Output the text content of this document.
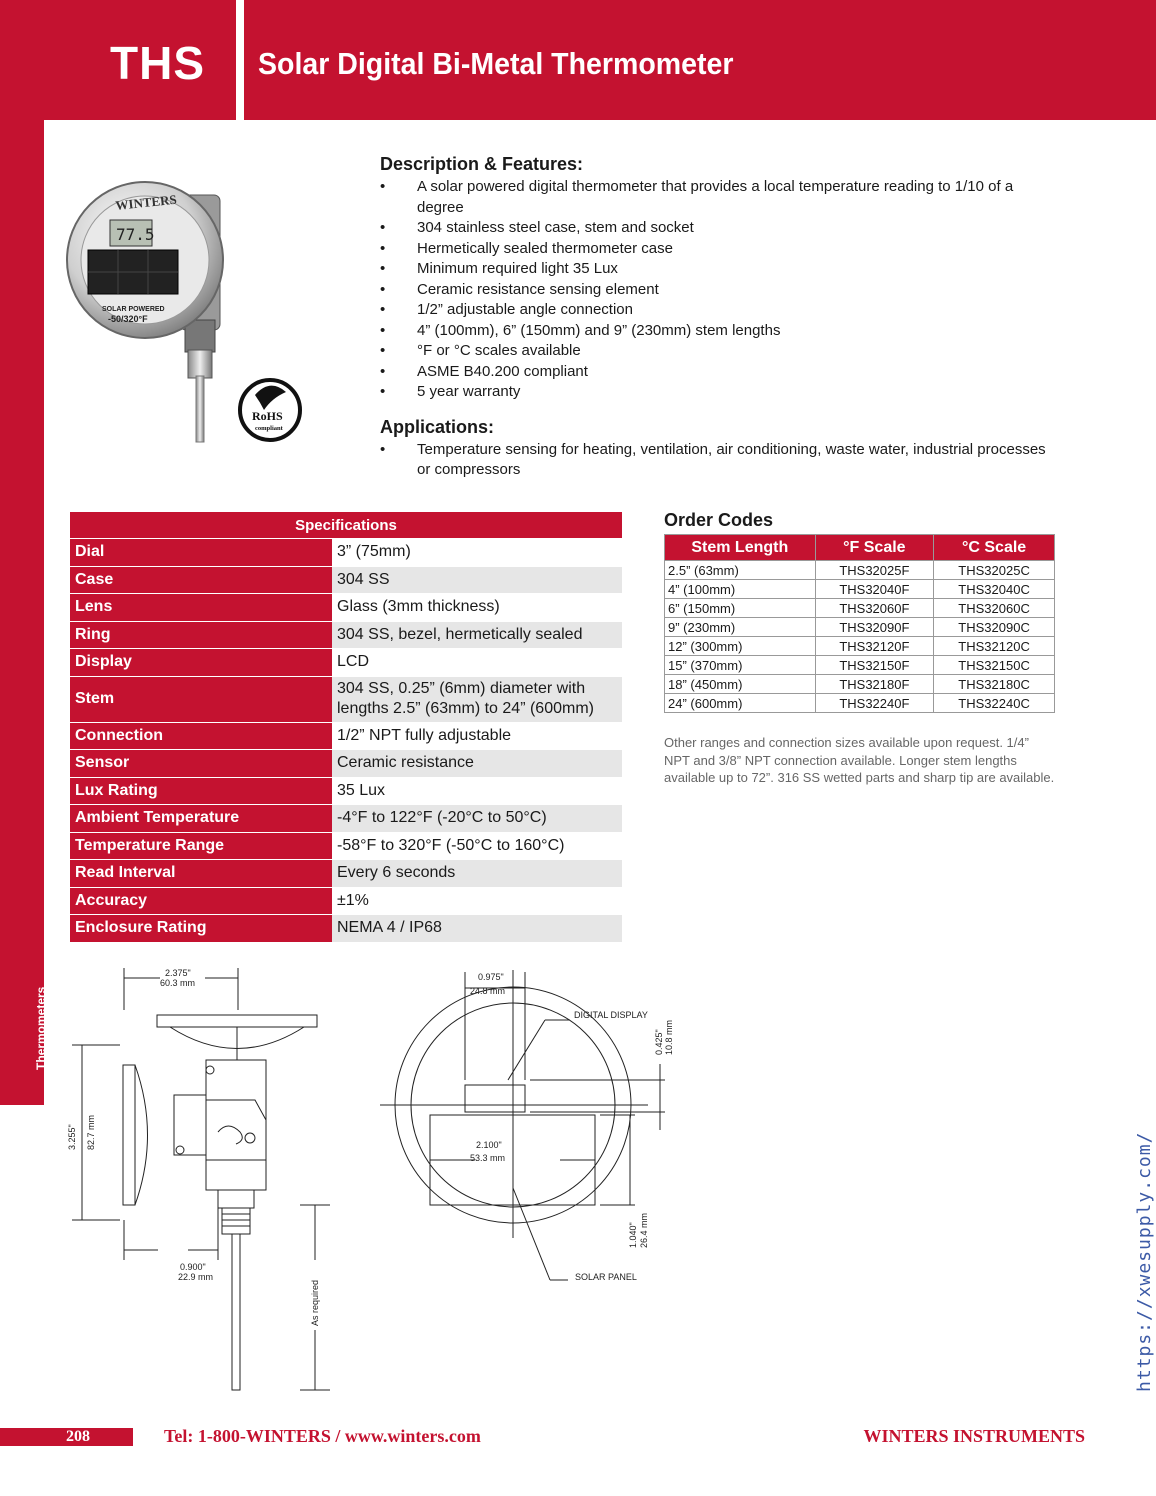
THS Solar Digital Bi-Metal Thermometer
Thermometers
WINTERS
77.5
SOLAR POWERED
-50/320°F
RoHS
compliant
Description & Features:
• A solar powered digital thermometer that provides a local temperature reading to 1/10 of a degree
• 304 stainless steel case, stem and socket
• Hermetically sealed thermometer case
• Minimum required light 35 Lux
• Ceramic resistance sensing element
• 1/2” adjustable angle connection
• 4” (100mm), 6” (150mm) and 9” (230mm) stem lengths
• °F or °C scales available
• ASME B40.200 compliant
• 5 year warranty
Applications:
• Temperature sensing for heating, ventilation, air conditioning, waste water, industrial processes or compressors
Specifications	
Dial	3” (75mm)
Case	304 SS
Lens	Glass (3mm thickness)
Ring	304 SS, bezel, hermetically sealed
Display	LCD
Stem	304 SS, 0.25” (6mm) diameter with lengths 2.5” (63mm) to 24” (600mm)
Connection	1/2” NPT fully adjustable
Sensor	Ceramic resistance
Lux Rating	35 Lux
Ambient Temperature	-4°F to 122°F (-20°C to 50°C)
Temperature Range	-58°F to 320°F (-50°C to 160°C)
Read Interval	Every 6 seconds
Accuracy	±1%
Enclosure Rating	NEMA 4 / IP68
Order Codes
Stem Length	°F Scale	°C Scale
2.5” (63mm)	THS32025F	THS32025C
4” (100mm)	THS32040F	THS32040C
6” (150mm)	THS32060F	THS32060C
9” (230mm)	THS32090F	THS32090C
12” (300mm)	THS32120F	THS32120C
15” (370mm)	THS32150F	THS32150C
18” (450mm)	THS32180F	THS32180C
24” (600mm)	THS32240F	THS32240C
Other ranges and connection sizes available upon request. 1/4” NPT and 3/8” NPT connection available. Longer stem lengths available up to 72”. 316 SS wetted parts and sharp tip are available.
2.375"
60.3 mm
3.255" 82.7 mm
0.900"
22.9 mm
As required
0.975"
24.8 mm
DIGITAL DISPLAY
0.425" 10.8 mm
2.100"
53.3 mm
1.040" 26.4 mm
SOLAR PANEL	https://xwesupply.com/
208	Tel: 1-800-WINTERS / www.winters.com	WINTERS INSTRUMENTS
